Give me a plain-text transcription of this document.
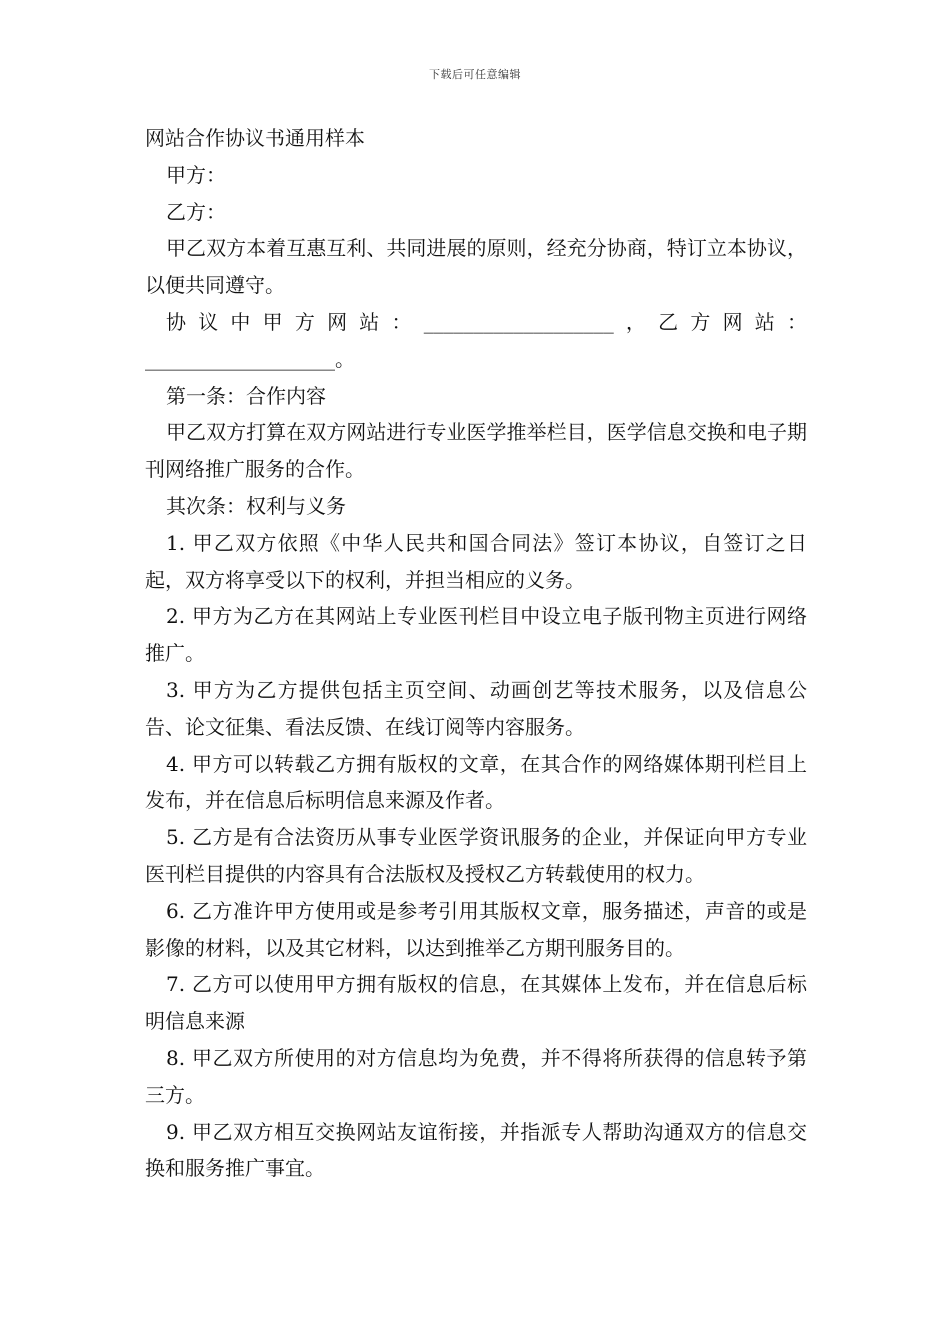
下载后可任意编辑

网站合作协议书通用样本

甲方：

乙方：

甲乙双方本着互惠互利、共同进展的原则，经充分协商，特订立本协议，以便共同遵守。

协议中甲方网站：___________________，乙方网站：___________________。

第一条：合作内容

甲乙双方打算在双方网站进行专业医学推举栏目，医学信息交换和电子期刊网络推广服务的合作。

其次条：权利与义务

1. 甲乙双方依照《中华人民共和国合同法》签订本协议，自签订之日起，双方将享受以下的权利，并担当相应的义务。

2. 甲方为乙方在其网站上专业医刊栏目中设立电子版刊物主页进行网络推广。

3. 甲方为乙方提供包括主页空间、动画创艺等技术服务，以及信息公告、论文征集、看法反馈、在线订阅等内容服务。

4. 甲方可以转载乙方拥有版权的文章，在其合作的网络媒体期刊栏目上发布，并在信息后标明信息来源及作者。

5. 乙方是有合法资历从事专业医学资讯服务的企业，并保证向甲方专业医刊栏目提供的内容具有合法版权及授权乙方转载使用的权力。

6. 乙方准许甲方使用或是参考引用其版权文章，服务描述，声音的或是影像的材料，以及其它材料，以达到推举乙方期刊服务目的。

7. 乙方可以使用甲方拥有版权的信息，在其媒体上发布，并在信息后标明信息来源

8. 甲乙双方所使用的对方信息均为免费，并不得将所获得的信息转予第三方。

9. 甲乙双方相互交换网站友谊衔接，并指派专人帮助沟通双方的信息交换和服务推广事宜。
